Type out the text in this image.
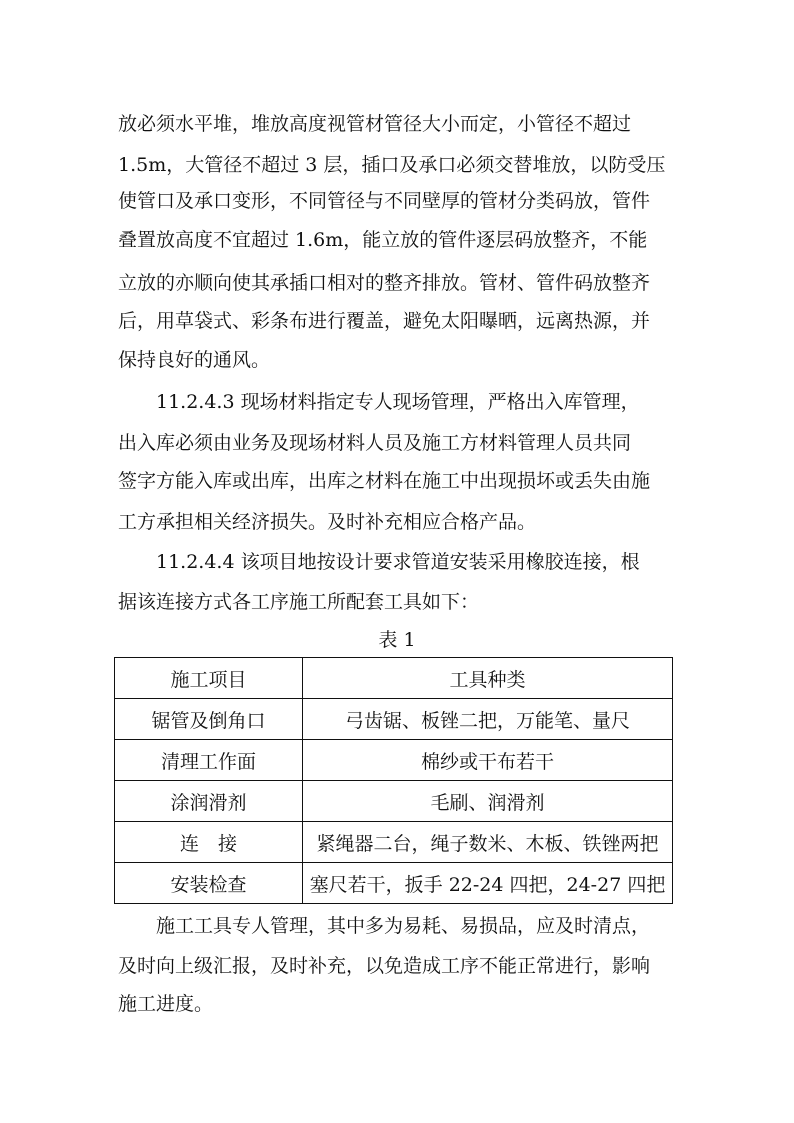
放必须水平堆，堆放高度视管材管径大小而定，小管径不超过
1.5m，大管径不超过 3 层，插口及承口必须交替堆放，以防受压
使管口及承口变形，不同管径与不同壁厚的管材分类码放，管件
叠置放高度不宜超过 1.6m，能立放的管件逐层码放整齐，不能
立放的亦顺向使其承插口相对的整齐排放。管材、管件码放整齐
后，用草袋式、彩条布进行覆盖，避免太阳曝晒，远离热源，并
保持良好的通风。
　　11.2.4.3 现场材料指定专人现场管理，严格出入库管理，
出入库必须由业务及现场材料人员及施工方材料管理人员共同
签字方能入库或出库，出库之材料在施工中出现损坏或丢失由施
工方承担相关经济损失。及时补充相应合格产品。
　　11.2.4.4 该项目地按设计要求管道安装采用橡胶连接，根
据该连接方式各工序施工所配套工具如下：
表 1
施工项目	工具种类
锯管及倒角口	弓齿锯、板锉二把，万能笔、量尺
清理工作面	棉纱或干布若干
涂润滑剂	毛刷、润滑剂
连　接	紧绳器二台，绳子数米、木板、铁锉两把
安装检查	塞尺若干，扳手 22-24 四把，24-27 四把
　　施工工具专人管理，其中多为易耗、易损品，应及时清点，
及时向上级汇报，及时补充，以免造成工序不能正常进行，影响
施工进度。
